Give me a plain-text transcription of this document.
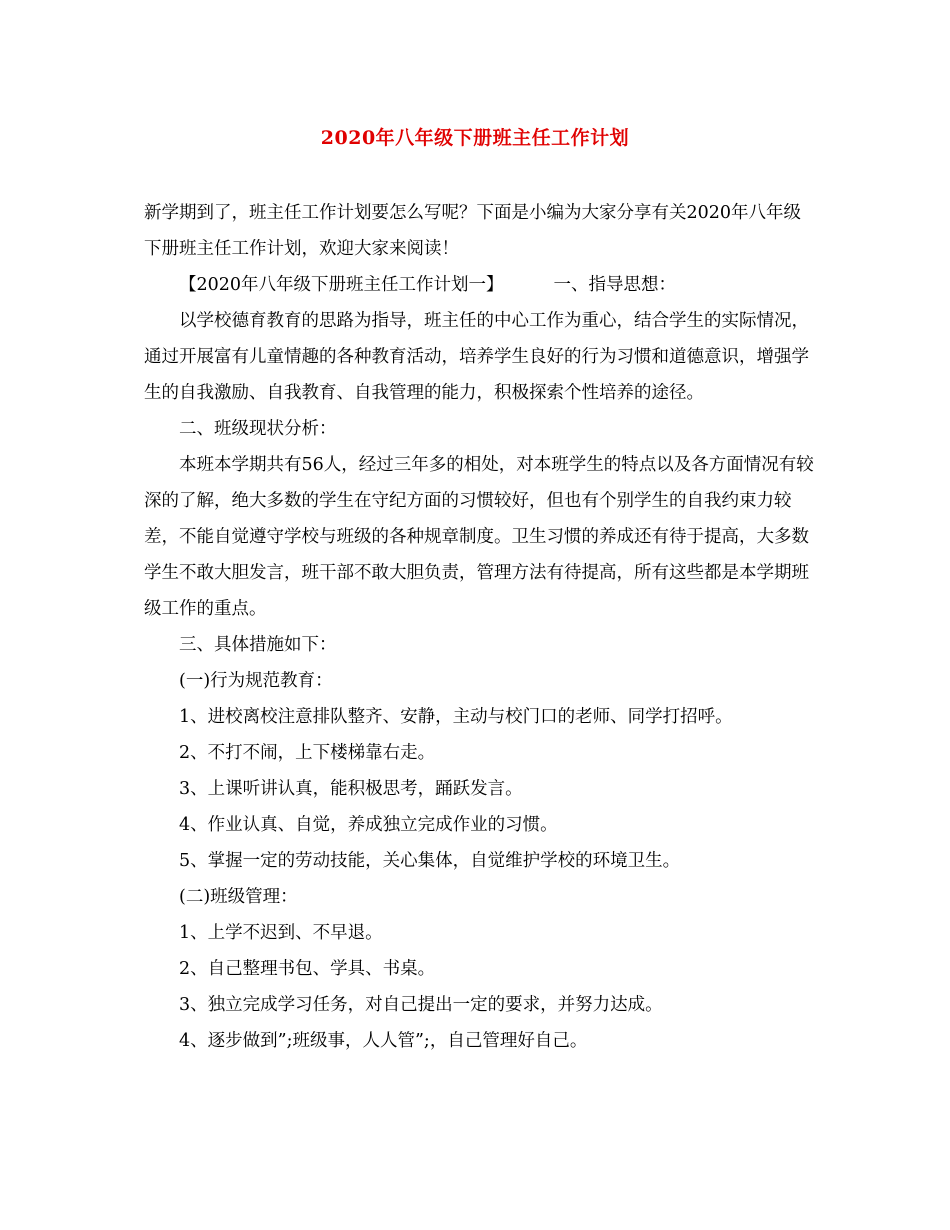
2020年八年级下册班主任工作计划

新学期到了，班主任工作计划要怎么写呢？下面是小编为大家分享有关2020年八年级下册班主任工作计划，欢迎大家来阅读！

【2020年八年级下册班主任工作计划一】	一、指导思想：

以学校德育教育的思路为指导，班主任的中心工作为重心，结合学生的实际情况，通过开展富有儿童情趣的各种教育活动，培养学生良好的行为习惯和道德意识，增强学生的自我激励、自我教育、自我管理的能力，积极探索个性培养的途径。

二、班级现状分析：

本班本学期共有56人，经过三年多的相处，对本班学生的特点以及各方面情况有较深的了解，绝大多数的学生在守纪方面的习惯较好，但也有个别学生的自我约束力较差，不能自觉遵守学校与班级的各种规章制度。卫生习惯的养成还有待于提高，大多数学生不敢大胆发言，班干部不敢大胆负责，管理方法有待提高，所有这些都是本学期班级工作的重点。

三、具体措施如下：

(一)行为规范教育：

1、进校离校注意排队整齐、安静，主动与校门口的老师、同学打招呼。

2、不打不闹，上下楼梯靠右走。

3、上课听讲认真，能积极思考，踊跃发言。

4、作业认真、自觉，养成独立完成作业的习惯。

5、掌握一定的劳动技能，关心集体，自觉维护学校的环境卫生。

(二)班级管理：

1、上学不迟到、不早退。

2、自己整理书包、学具、书桌。

3、独立完成学习任务，对自己提出一定的要求，并努力达成。

4、逐步做到”;班级事，人人管”;，自己管理好自己。
